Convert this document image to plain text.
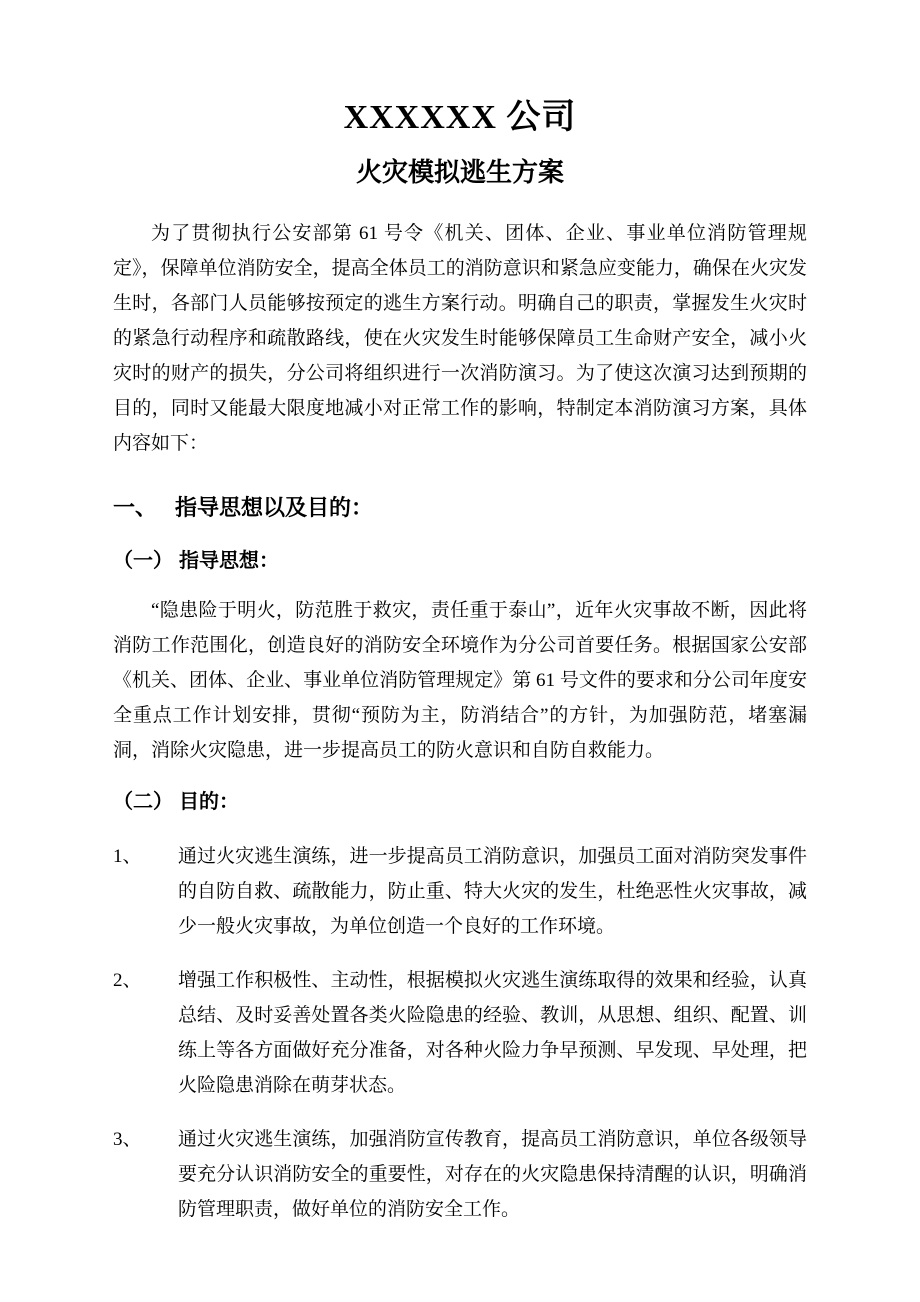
XXXXXX 公司
火灾模拟逃生方案

为了贯彻执行公安部第 61 号令《机关、团体、企业、事业单位消防管理规定》，保障单位消防安全，提高全体员工的消防意识和紧急应变能力，确保在火灾发生时，各部门人员能够按预定的逃生方案行动。明确自己的职责，掌握发生火灾时的紧急行动程序和疏散路线，使在火灾发生时能够保障员工生命财产安全，减小火灾时的财产的损失，分公司将组织进行一次消防演习。为了使这次演习达到预期的目的，同时又能最大限度地减小对正常工作的影响，特制定本消防演习方案，具体内容如下：

一、 指导思想以及目的：
（一） 指导思想：

“隐患险于明火，防范胜于救灾，责任重于泰山”，近年火灾事故不断，因此将消防工作范围化，创造良好的消防安全环境作为分公司首要任务。根据国家公安部《机关、团体、企业、事业单位消防管理规定》第 61 号文件的要求和分公司年度安全重点工作计划安排，贯彻“预防为主，防消结合”的方针，为加强防范，堵塞漏洞，消除火灾隐患，进一步提高员工的防火意识和自防自救能力。

（二） 目的：
1、	通过火灾逃生演练，进一步提高员工消防意识，加强员工面对消防突发事件的自防自救、疏散能力，防止重、特大火灾的发生，杜绝恶性火灾事故，减少一般火灾事故，为单位创造一个良好的工作环境。
2、	增强工作积极性、主动性，根据模拟火灾逃生演练取得的效果和经验，认真总结、及时妥善处置各类火险隐患的经验、教训，从思想、组织、配置、训练上等各方面做好充分准备，对各种火险力争早预测、早发现、早处理，把火险隐患消除在萌芽状态。
3、	通过火灾逃生演练，加强消防宣传教育，提高员工消防意识，单位各级领导要充分认识消防安全的重要性，对存在的火灾隐患保持清醒的认识，明确消防管理职责，做好单位的消防安全工作。
